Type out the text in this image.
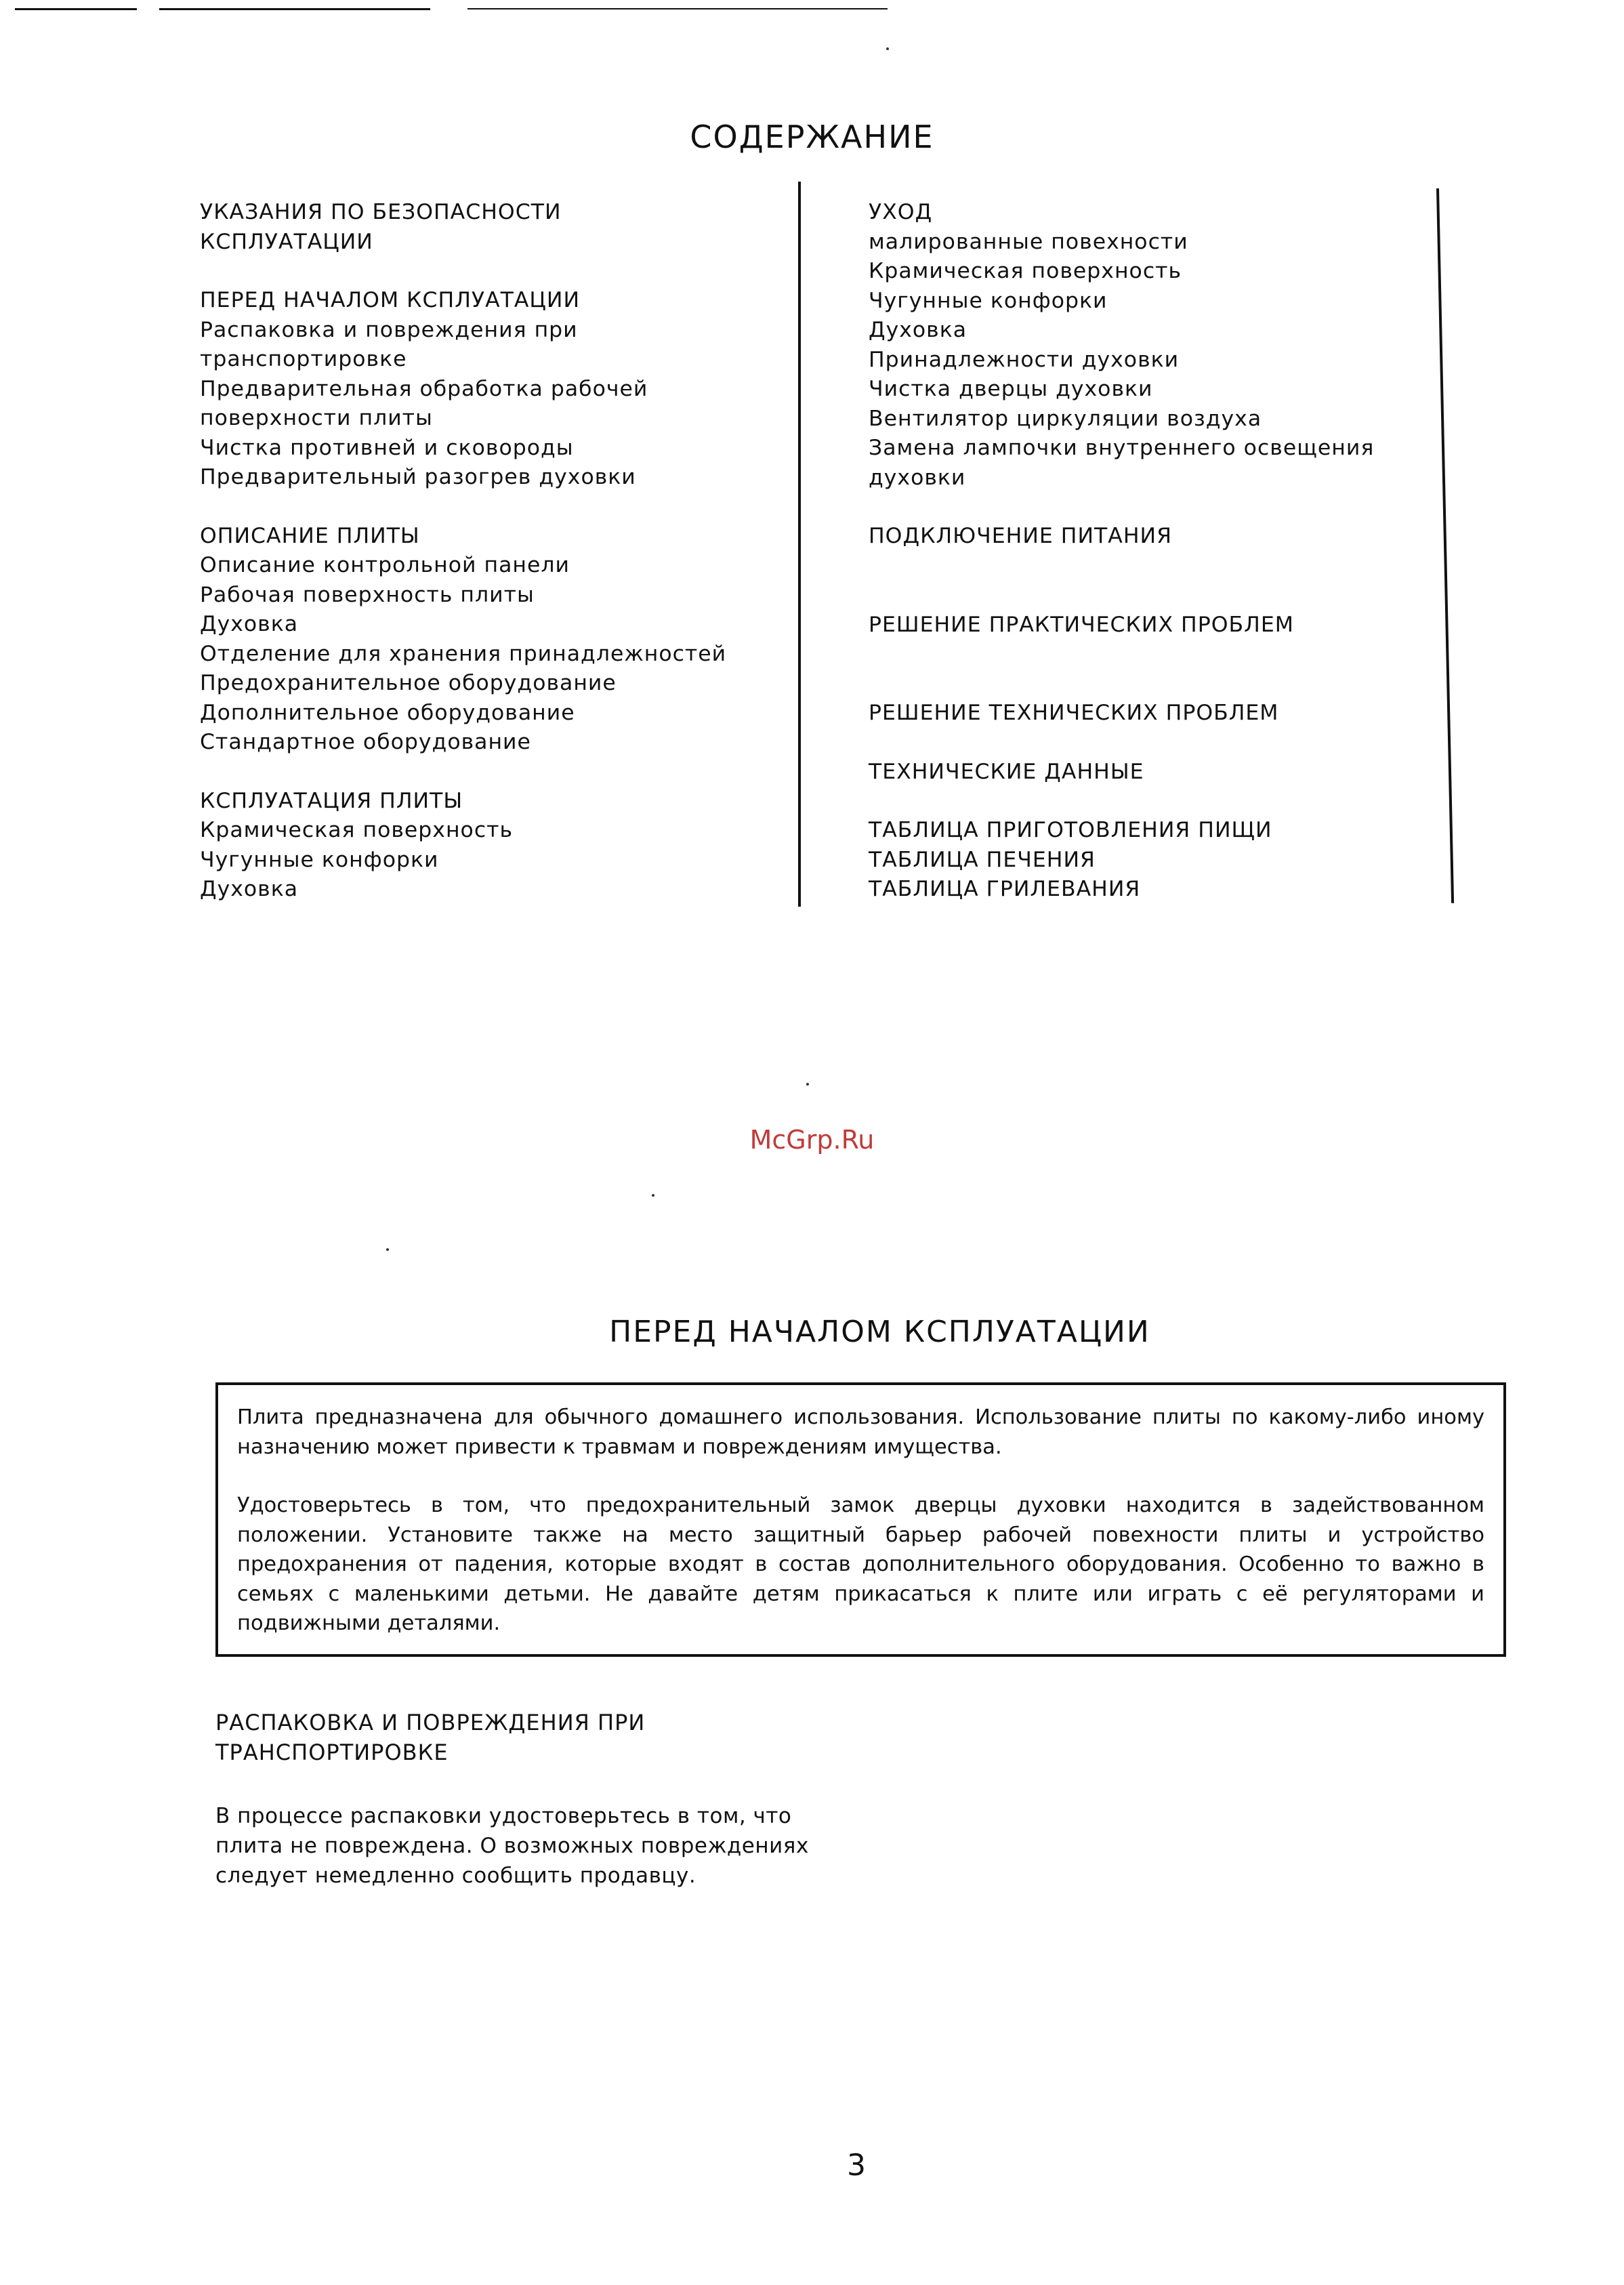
СОДЕРЖАНИЕ
УКАЗАНИЯ ПО БЕЗОПАСНОСТИ
КСПЛУАТАЦИИ
ПЕРЕД НАЧАЛОМ КСПЛУАТАЦИИ
Распаковка и повреждения при
транспортировке
Предварительная обработка рабочей
поверхности плиты
Чистка противней и сковороды
Предварительный разогрев духовки
ОПИСАНИЕ ПЛИТЫ
Описание контрольной панели
Рабочая поверхность плиты
Духовка
Отделение для хранения принадлежностей
Предохранительное оборудование
Дополнительное оборудование
Стандартное оборудование
КСПЛУАТАЦИЯ ПЛИТЫ
Крамическая поверхность
Чугунные конфорки
Духовка
УХОД
малированные повехности
Крамическая поверхность
Чугунные конфорки
Духовка
Принадлежности духовки
Чистка дверцы духовки
Вентилятор циркуляции воздуха
Замена лампочки внутреннего освещения
духовки
ПОДКЛЮЧЕНИЕ ПИТАНИЯ
РЕШЕНИЕ ПРАКТИЧЕСКИХ ПРОБЛЕМ
РЕШЕНИЕ ТЕХНИЧЕСКИХ ПРОБЛЕМ
ТЕХНИЧЕСКИЕ ДАННЫЕ
ТАБЛИЦА ПРИГОТОВЛЕНИЯ ПИЩИ
ТАБЛИЦА ПЕЧЕНИЯ
ТАБЛИЦА ГРИЛЕВАНИЯ
McGrp.Ru
ПЕРЕД НАЧАЛОМ КСПЛУАТАЦИИ

Плита предназначена для обычного домашнего использования. Использование плиты по какому-либо иному назначению может привести к травмам и повреждениям имущества.

Удостоверьтесь в том, что предохранительный замок дверцы духовки находится в задействованном положении. Установите также на место защитный барьер рабочей повехности плиты и устройство предохранения от падения, которые входят в состав дополнительного оборудования. Особенно то важно в семьях с маленькими детьми. Не давайте детям прикасаться к плите или играть с её регуляторами и подвижными деталями.

РАСПАКОВКА И ПОВРЕЖДЕНИЯ ПРИ
ТРАНСПОРТИРОВКЕ
В процессе распаковки удостоверьтесь в том, что плита не повреждена. О возможных повреждениях следует немедленно сообщить продавцу.
3
